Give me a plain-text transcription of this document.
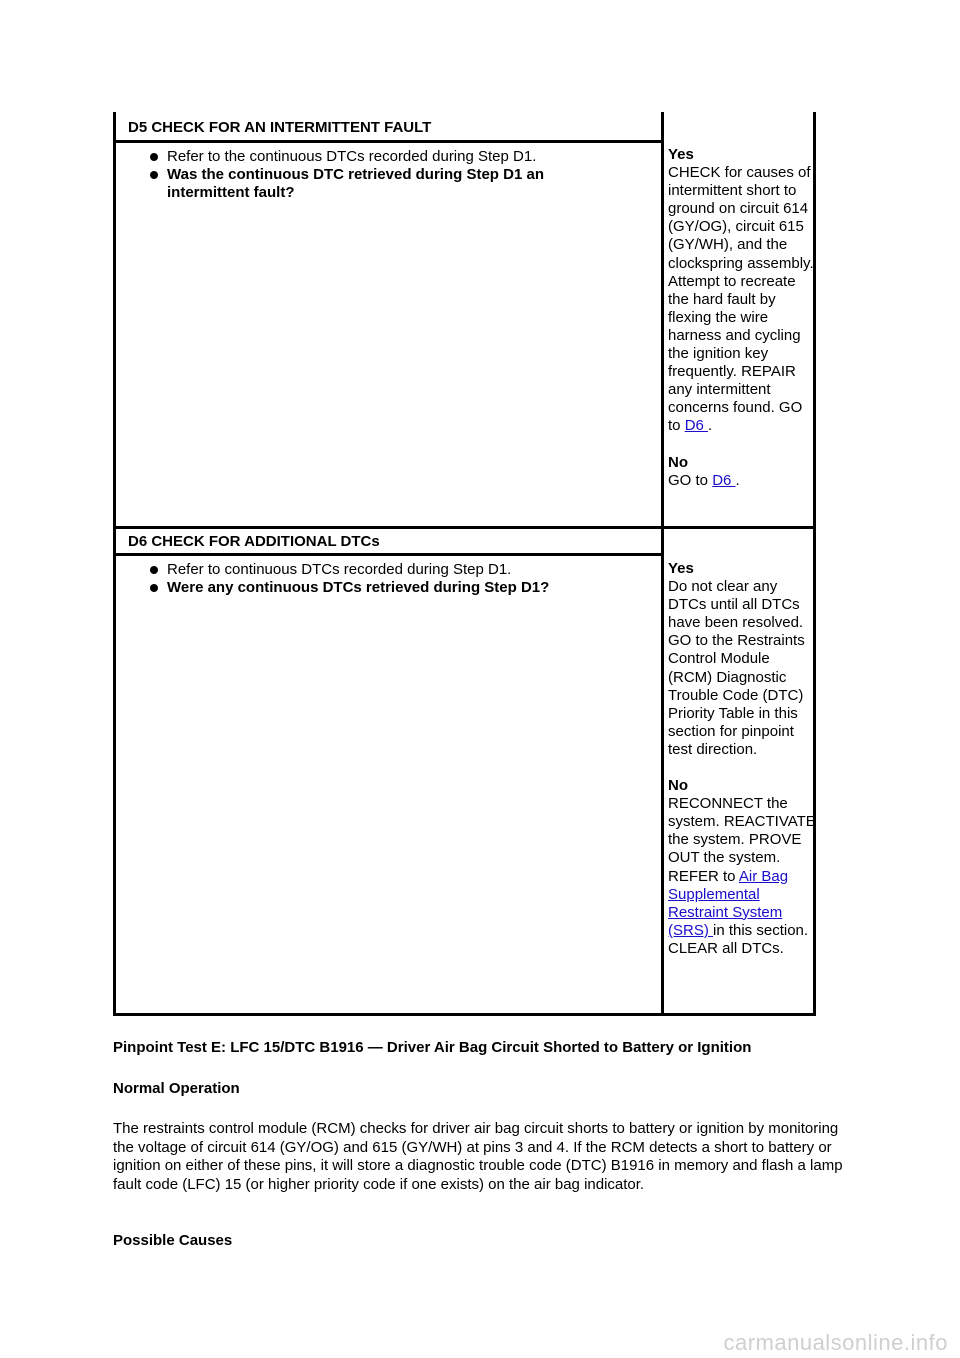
D5 CHECK FOR AN INTERMITTENT FAULT
Refer to the continuous DTCs recorded during Step D1.
Was the continuous DTC retrieved during Step D1 an intermittent fault?

Yes

CHECK for causes of intermittent short to ground on circuit 614 (GY/OG), circuit 615 (GY/WH), and the clockspring assembly. Attempt to recreate the hard fault by flexing the wire harness and cycling the ignition key frequently. REPAIR any intermittent concerns found. GO to D6 .

No

GO to D6 .

D6 CHECK FOR ADDITIONAL DTCs
Refer to continuous DTCs recorded during Step D1.
Were any continuous DTCs retrieved during Step D1?

Yes

Do not clear any DTCs until all DTCs have been resolved. GO to the Restraints Control Module (RCM) Diagnostic Trouble Code (DTC) Priority Table in this section for pinpoint test direction.

No

RECONNECT the system. REACTIVATE the system. PROVE OUT the system. REFER to Air Bag Supplemental Restraint System (SRS) in this section. CLEAR all DTCs.

Pinpoint Test E: LFC 15/DTC B1916 — Driver Air Bag Circuit Shorted to Battery or Ignition
Normal Operation
The restraints control module (RCM) checks for driver air bag circuit shorts to battery or ignition by monitoring the voltage of circuit 614 (GY/OG) and 615 (GY/WH) at pins 3 and 4. If the RCM detects a short to battery or ignition on either of these pins, it will store a diagnostic trouble code (DTC) B1916 in memory and flash a lamp fault code (LFC) 15 (or higher priority code if one exists) on the air bag indicator.
Possible Causes
carmanualsonline.info
